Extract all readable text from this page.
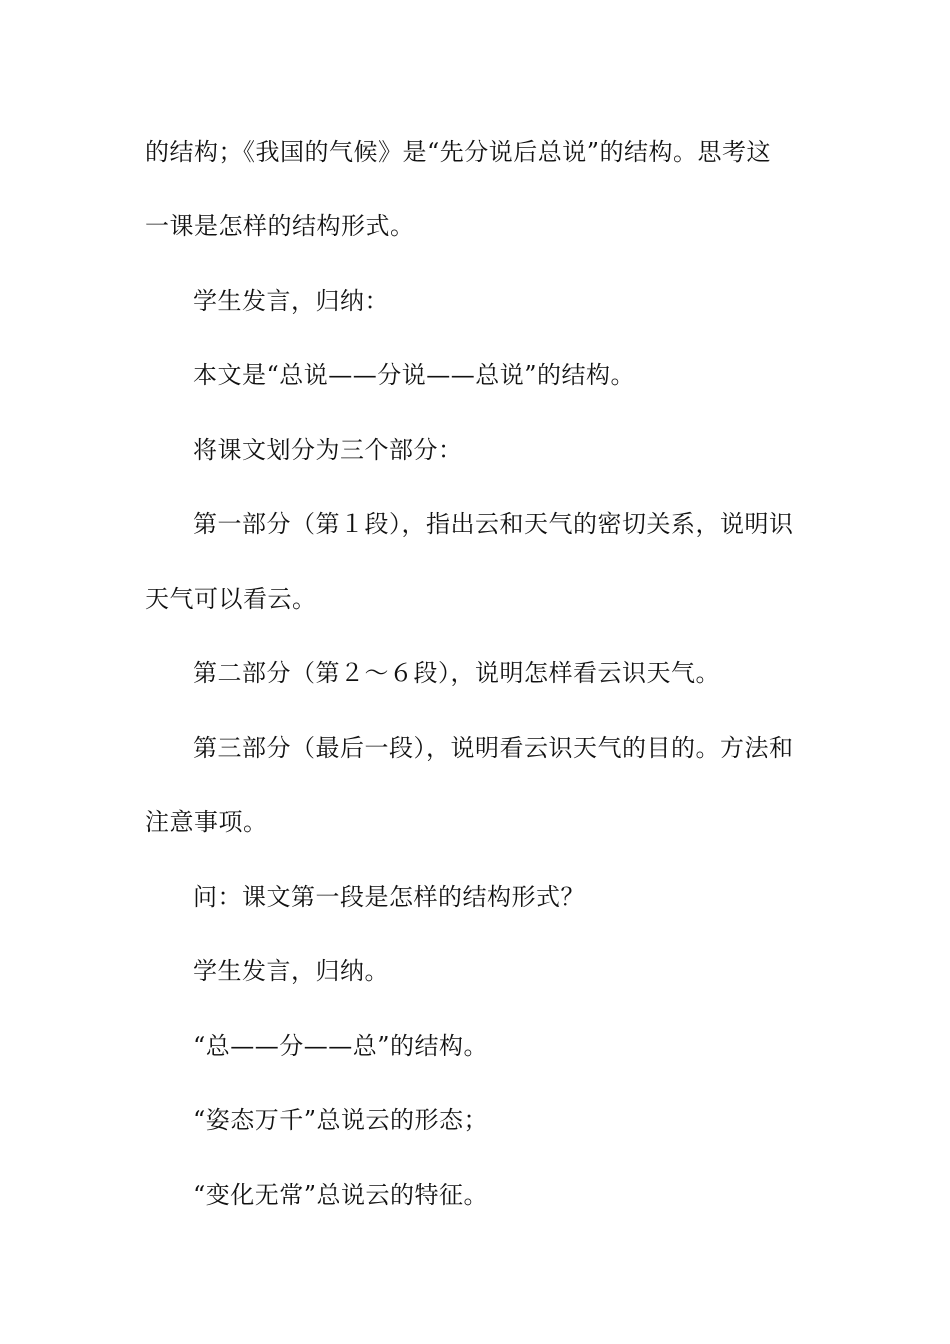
的结构；《我国的气候》是“先分说后总说”的结构。思考这
一课是怎样的结构形式。
学生发言，归纳：
本文是“总说——分说——总说”的结构。
将课文划分为三个部分：
第一部分（第１段），指出云和天气的密切关系，说明识
天气可以看云。
第二部分（第２～６段），说明怎样看云识天气。
第三部分（最后一段），说明看云识天气的目的。方法和
注意事项。
问：课文第一段是怎样的结构形式？
学生发言，归纳。
“总——分——总”的结构。
“姿态万千”总说云的形态；
“变化无常”总说云的特征。
